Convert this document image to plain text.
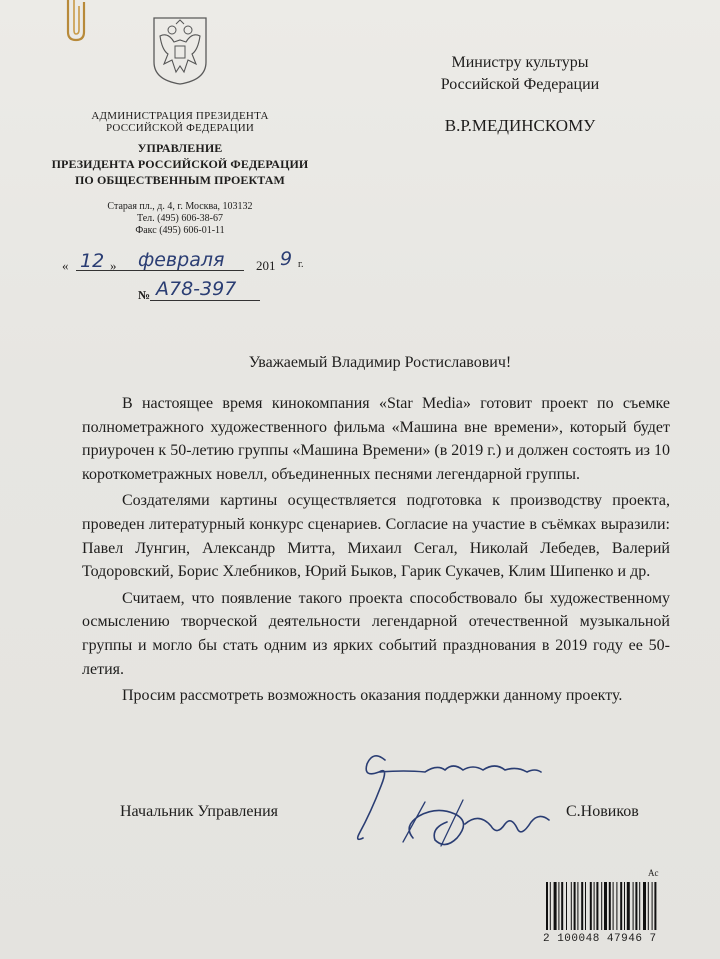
АДМИНИСТРАЦИЯ ПРЕЗИДЕНТА
РОССИЙСКОЙ ФЕДЕРАЦИИ
УПРАВЛЕНИЕ
ПРЕЗИДЕНТА РОССИЙСКОЙ ФЕДЕРАЦИИ
ПО ОБЩЕСТВЕННЫМ ПРОЕКТАМ
Старая пл., д. 4, г. Москва, 103132
Тел. (495) 606-38-67
Факс (495) 606-01-11
Министру культуры
Российской Федерации
В.Р.МЕДИНСКОМУ
« 12 » февраля 201 9 г.
№ А78-397
Уважаемый Владимир Ростиславович!

В настоящее время кинокомпания «Star Media» готовит проект по съемке полнометражного художественного фильма «Машина вне времени», который будет приурочен к 50-летию группы «Машина Времени» (в 2019 г.) и должен состоять из 10 короткометражных новелл, объединенных песнями легендарной группы.

Создателями картины осуществляется подготовка к производству проекта, проведен литературный конкурс сценариев. Согласие на участие в съёмках выразили: Павел Лунгин, Александр Митта, Михаил Сегал, Николай Лебедев, Валерий Тодоровский, Борис Хлебников, Юрий Быков, Гарик Сукачев, Клим Шипенко и др.

Считаем, что появление такого проекта способствовало бы художественному осмыслению творческой деятельности легендарной отечественной музыкальной группы и могло бы стать одним из ярких событий празднования в 2019 году ее 50-летия.

Просим рассмотреть возможность оказания поддержки данному проекту.

Начальник Управления	С.Новиков
Ac
2 100048 47946 7
